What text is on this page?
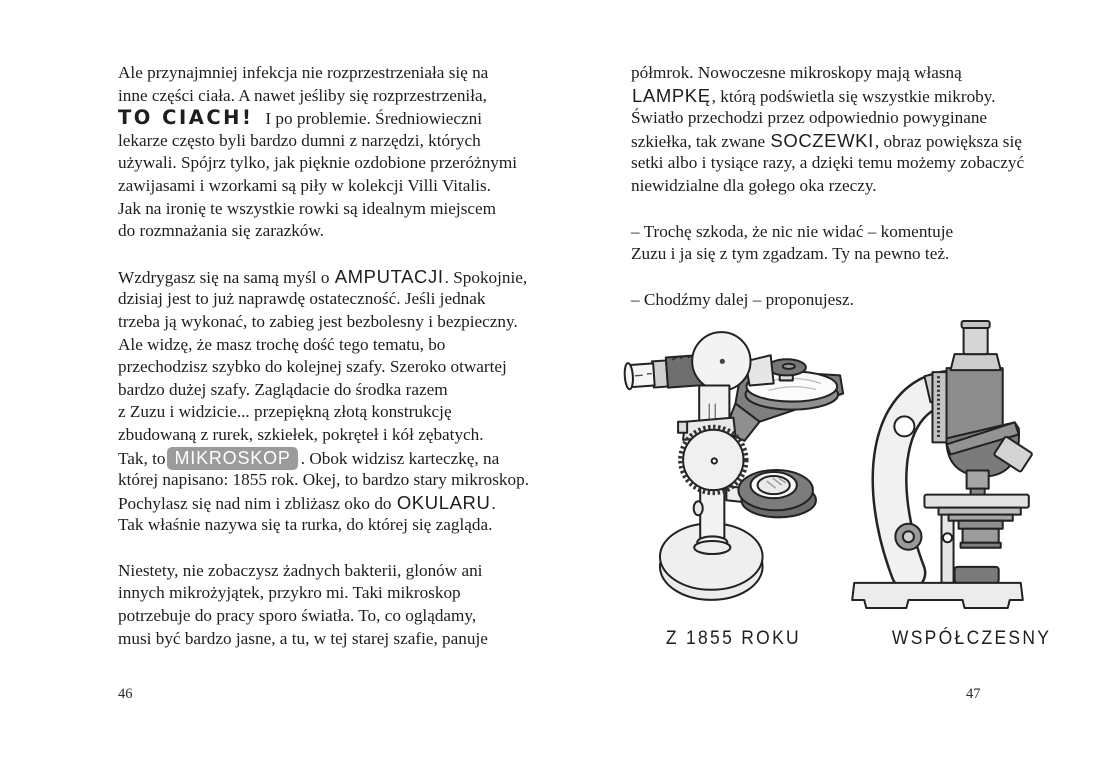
Ale przynajmniej infekcja nie rozprzestrzeniała się na
inne części ciała. A nawet jeśliby się rozprzestrzeniła,
TO CIACH! I po problemie. Średniowieczni
lekarze często byli bardzo dumni z narzędzi, których
używali. Spójrz tylko, jak pięknie ozdobione przeróżnymi
zawijasami i wzorkami są piły w kolekcji Villi Vitalis.
Jak na ironię te wszystkie rowki są idealnym miejscem
do rozmnażania się zarazków.
Wzdrygasz się na samą myśl o AMPUTACJI. Spokojnie,
dzisiaj jest to już naprawdę ostateczność. Jeśli jednak
trzeba ją wykonać, to zabieg jest bezbolesny i bezpieczny.
Ale widzę, że masz trochę dość tego tematu, bo
przechodzisz szybko do kolejnej szafy. Szeroko otwartej
bardzo dużej szafy. Zaglądacie do środka razem
z Zuzu i widzicie... przepiękną złotą konstrukcję
zbudowaną z rurek, szkiełek, pokręteł i kół zębatych.
Tak, to MIKROSKOP . Obok widzisz karteczkę, na
której napisano: 1855 rok. Okej, to bardzo stary mikroskop.
Pochylasz się nad nim i zbliżasz oko do OKULARU.
Tak właśnie nazywa się ta rurka, do której się zagląda.
Niestety, nie zobaczysz żadnych bakterii, glonów ani
innych mikrożyjątek, przykro mi. Taki mikroskop
potrzebuje do pracy sporo światła. To, co oglądamy,
musi być bardzo jasne, a tu, w tej starej szafie, panuje
półmrok. Nowoczesne mikroskopy mają własną
LAMPKĘ, którą podświetla się wszystkie mikroby.
Światło przechodzi przez odpowiednio powyginane
szkiełka, tak zwane SOCZEWKI, obraz powiększa się
setki albo i tysiące razy, a dzięki temu możemy zobaczyć
niewidzialne dla gołego oka rzeczy.
– Trochę szkoda, że nic nie widać – komentuje
Zuzu i ja się z tym zgadzam. Ty na pewno też.
– Chodźmy dalej – proponujesz.
Z 1855 ROKU	WSPÓŁCZESNY
46	47
